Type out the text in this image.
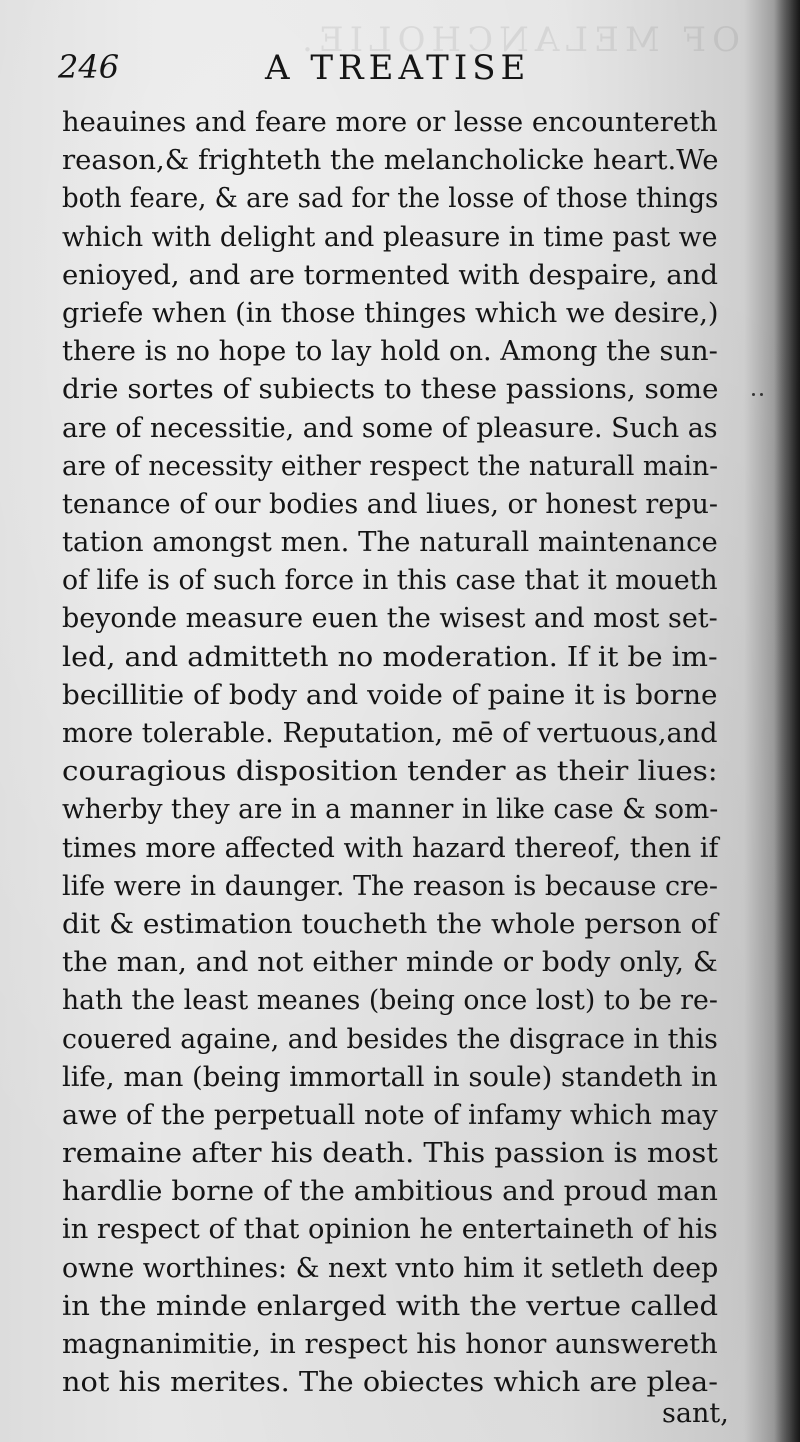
OF MELANCHOLIE.
246	A TREATISE
heauines and feare more or lesse encountereth
reason,& frighteth the melancholicke heart.We
both feare, & are sad for the losse of those things
which with delight and pleasure in time past we
enioyed, and are tormented with despaire, and
griefe when (in those thinges which we desire,)
there is no hope to lay hold on. Among the sun-
drie sortes of subiects to these passions, some
are of necessitie, and some of pleasure. Such as
are of necessity either respect the naturall main-
tenance of our bodies and liues, or honest repu-
tation amongst men. The naturall maintenance
of life is of such force in this case that it moueth
beyonde measure euen the wisest and most set-
led, and admitteth no moderation. If it be im-
becillitie of body and voide of paine it is borne
more tolerable. Reputation, mē of vertuous,and
couragious disposition tender as their liues:
wherby they are in a manner in like case & som-
times more affected with hazard thereof, then if
life were in daunger. The reason is because cre-
dit & estimation toucheth the whole person of
the man, and not either minde or body only, &
hath the least meanes (being once lost) to be re-
couered againe, and besides the disgrace in this
life, man (being immortall in soule) standeth in
awe of the perpetuall note of infamy which may
remaine after his death. This passion is most
hardlie borne of the ambitious and proud man
in respect of that opinion he entertaineth of his
owne worthines: & next vnto him it setleth deep
in the minde enlarged with the vertue called
magnanimitie, in respect his honor aunswereth
not his merites. The obiectes which are plea-
sant,
